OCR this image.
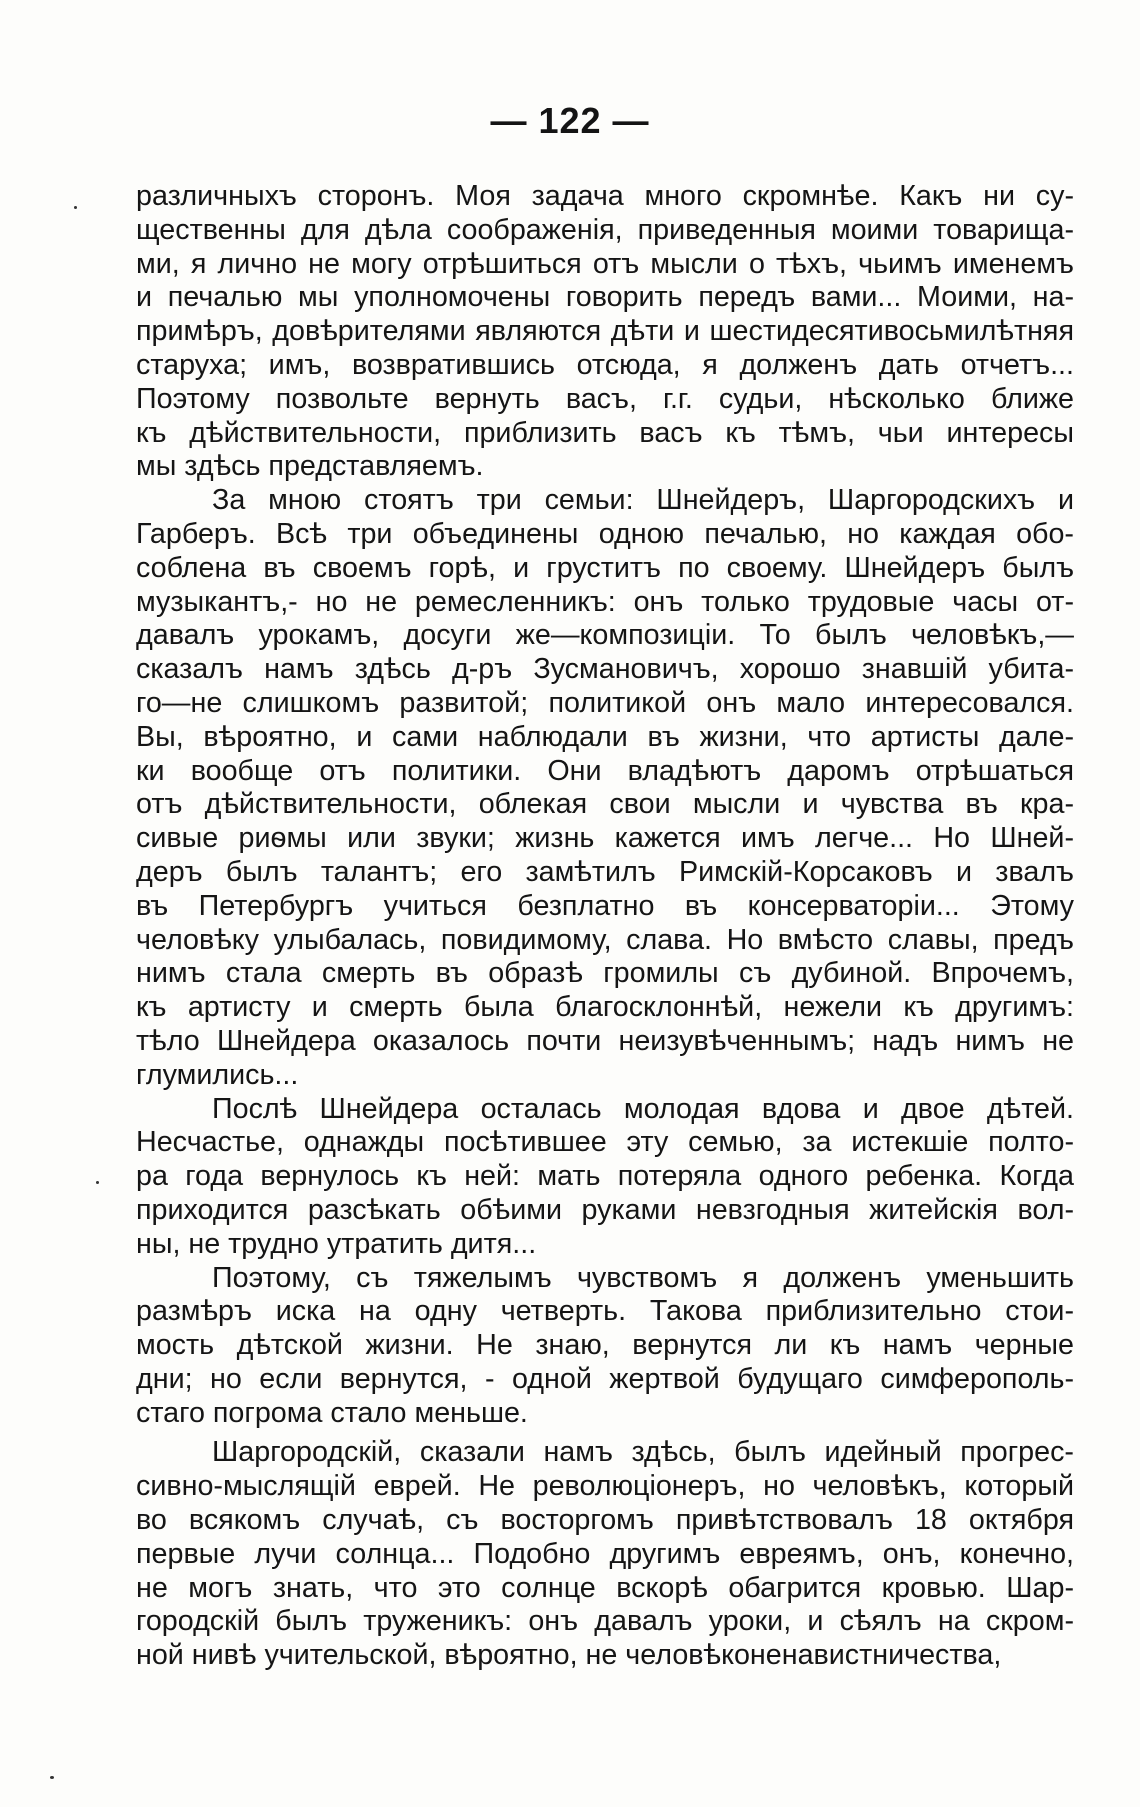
— 122 —
различныхъ сторонъ. Моя задача много скромнѣе. Какъ ни су-
щественны для дѣла соображенія, приведенныя моими товарища-
ми, я лично не могу отрѣшиться отъ мысли о тѣхъ, чьимъ именемъ
и печалью мы уполномочены говорить передъ вами... Моими, на-
примѣръ, довѣрителями являются дѣти и шестидесятивосьмилѣтняя
старуха; имъ, возвратившись отсюда, я долженъ дать отчетъ...
Поэтому позвольте вернуть васъ, г.г. судьи, нѣсколько ближе
къ дѣйствительности, приблизить васъ къ тѣмъ, чьи интересы
мы здѣсь представляемъ.
За мною стоятъ три семьи: Шнейдеръ, Шаргородскихъ и
Гарберъ. Всѣ три объединены одною печалью, но каждая обо-
соблена въ своемъ горѣ, и груститъ по своему. Шнейдеръ былъ
музыкантъ,- но не ремесленникъ: онъ только трудовые часы от-
давалъ урокамъ, досуги же—композиціи. То былъ человѣкъ,—
сказалъ намъ здѣсь д-ръ Зусмановичъ, хорошо знавшій убита-
го—не слишкомъ развитой; политикой онъ мало интересовался.
Вы, вѣроятно, и сами наблюдали въ жизни, что артисты дале-
ки вообще отъ политики. Они владѣютъ даромъ отрѣшаться
отъ дѣйствительности, облекая свои мысли и чувства въ кра-
сивые риѳмы или звуки; жизнь кажется имъ легче... Но Шней-
деръ былъ талантъ; его замѣтилъ Римскій-Корсаковъ и звалъ
въ Петербургъ учиться безплатно въ консерваторіи... Этому
человѣку улыбалась, повидимому, слава. Но вмѣсто славы, предъ
нимъ стала смерть въ образѣ громилы съ дубиной. Впрочемъ,
къ артисту и смерть была благосклоннѣй, нежели къ другимъ:
тѣло Шнейдера оказалось почти неизувѣченнымъ; надъ нимъ не
глумились...
Послѣ Шнейдера осталась молодая вдова и двое дѣтей.
Несчастье, однажды посѣтившее эту семью, за истекшіе полто-
ра года вернулось къ ней: мать потеряла одного ребенка. Когда
приходится разсѣкать обѣими руками невзгодныя житейскія вол-
ны, не трудно утратить дитя...
Поэтому, съ тяжелымъ чувствомъ я долженъ уменьшить
размѣръ иска на одну четверть. Такова приблизительно стои-
мость дѣтской жизни. Не знаю, вернутся ли къ намъ черные
дни; но если вернутся, - одной жертвой будущаго симферополь-
стаго погрома стало меньше.
Шаргородскій, сказали намъ здѣсь, былъ идейный прогрес-
сивно-мыслящій еврей. Не революціонеръ, но человѣкъ, который
во всякомъ случаѣ, съ восторгомъ привѣтствовалъ 18 октября
первые лучи солнца... Подобно другимъ евреямъ, онъ, конечно,
не могъ знать, что это солнце вскорѣ обагрится кровью. Шар-
городскій былъ труженикъ: онъ давалъ уроки, и сѣялъ на скром-
ной нивѣ учительской, вѣроятно, не человѣконенавистничества,
